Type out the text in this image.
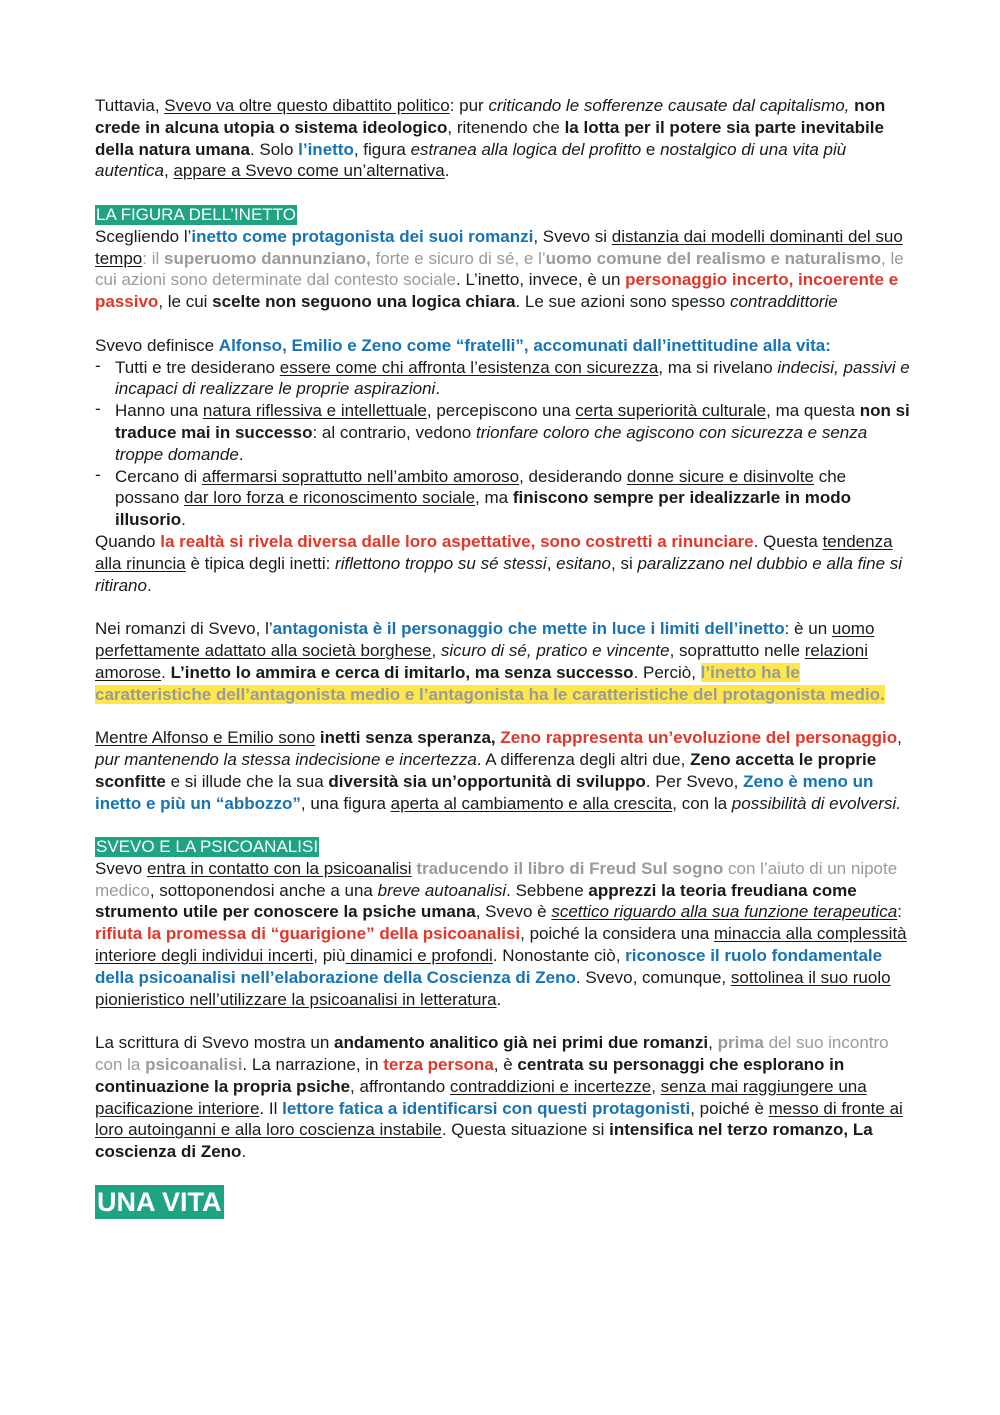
Tuttavia, Svevo va oltre questo dibattito politico: pur criticando le sofferenze causate dal capitalismo, non crede in alcuna utopia o sistema ideologico, ritenendo che la lotta per il potere sia parte inevitabile della natura umana. Solo l’inetto, figura estranea alla logica del profitto e nostalgico di una vita più autentica, appare a Svevo come un’alternativa.

LA FIGURA DELL’INETTO

Scegliendo l’inetto come protagonista dei suoi romanzi, Svevo si distanzia dai modelli dominanti del suo tempo: il superuomo dannunziano, forte e sicuro di sé, e l’uomo comune del realismo e naturalismo, le cui azioni sono determinate dal contesto sociale. L’inetto, invece, è un personaggio incerto, incoerente e passivo, le cui scelte non seguono una logica chiara. Le sue azioni sono spesso contraddittorie

Svevo definisce Alfonso, Emilio e Zeno come “fratelli”, accomunati dall’inettitudine alla vita:

- Tutti e tre desiderano essere come chi affronta l’esistenza con sicurezza, ma si rivelano indecisi, passivi e incapaci di realizzare le proprie aspirazioni.
- Hanno una natura riflessiva e intellettuale, percepiscono una certa superiorità culturale, ma questa non si traduce mai in successo: al contrario, vedono trionfare coloro che agiscono con sicurezza e senza troppe domande.
- Cercano di affermarsi soprattutto nell’ambito amoroso, desiderando donne sicure e disinvolte che possano dar loro forza e riconoscimento sociale, ma finiscono sempre per idealizzarle in modo illusorio.

Quando la realtà si rivela diversa dalle loro aspettative, sono costretti a rinunciare. Questa tendenza alla rinuncia è tipica degli inetti: riflettono troppo su sé stessi, esitano, si paralizzano nel dubbio e alla fine si ritirano.

Nei romanzi di Svevo, l’antagonista è il personaggio che mette in luce i limiti dell’inetto: è un uomo perfettamente adattato alla società borghese, sicuro di sé, pratico e vincente, soprattutto nelle relazioni amorose. L’inetto lo ammira e cerca di imitarlo, ma senza successo. Perciò, l’inetto ha le caratteristiche dell’antagonista medio e l’antagonista ha le caratteristiche del protagonista medio.

Mentre Alfonso e Emilio sono inetti senza speranza, Zeno rappresenta un’evoluzione del personaggio, pur mantenendo la stessa indecisione e incertezza. A differenza degli altri due, Zeno accetta le proprie sconfitte e si illude che la sua diversità sia un’opportunità di sviluppo. Per Svevo, Zeno è meno un inetto e più un “abbozzo”, una figura aperta al cambiamento e alla crescita, con la possibilità di evolversi.

SVEVO E LA PSICOANALISI

Svevo entra in contatto con la psicoanalisi traducendo il libro di Freud Sul sogno con l’aiuto di un nipote medico, sottoponendosi anche a una breve autoanalisi. Sebbene apprezzi la teoria freudiana come strumento utile per conoscere la psiche umana, Svevo è scettico riguardo alla sua funzione terapeutica: rifiuta la promessa di “guarigione” della psicoanalisi, poiché la considera una minaccia alla complessità interiore degli individui incerti, più dinamici e profondi. Nonostante ciò, riconosce il ruolo fondamentale della psicoanalisi nell’elaborazione della Coscienza di Zeno. Svevo, comunque, sottolinea il suo ruolo pionieristico nell’utilizzare la psicoanalisi in letteratura.

La scrittura di Svevo mostra un andamento analitico già nei primi due romanzi, prima del suo incontro con la psicoanalisi. La narrazione, in terza persona, è centrata su personaggi che esplorano in continuazione la propria psiche, affrontando contraddizioni e incertezze, senza mai raggiungere una pacificazione interiore. Il lettore fatica a identificarsi con questi protagonisti, poiché è messo di fronte ai loro autoinganni e alla loro coscienza instabile. Questa situazione si intensifica nel terzo romanzo, La coscienza di Zeno.

UNA VITA
